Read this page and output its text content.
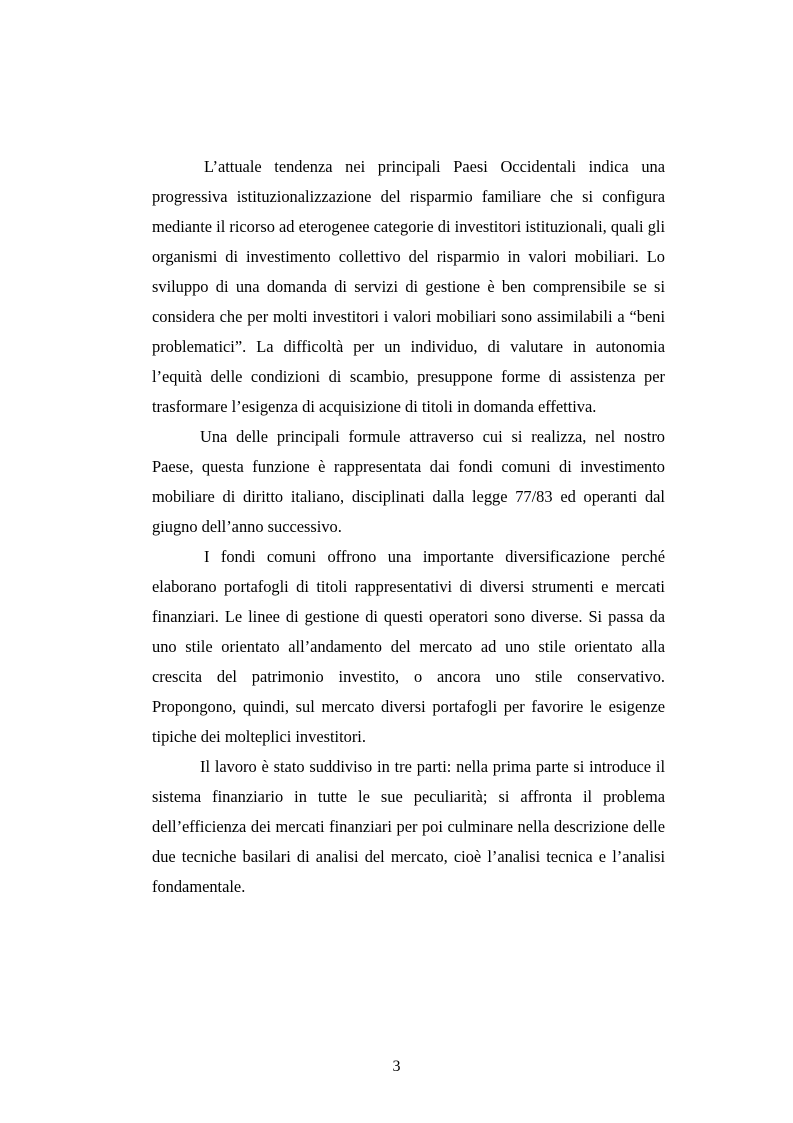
L’attuale tendenza nei principali Paesi Occidentali indica una progressiva istituzionalizzazione del risparmio familiare che si configura mediante il ricorso ad eterogenee categorie di investitori istituzionali, quali gli organismi di investimento collettivo del risparmio in valori mobiliari. Lo sviluppo di una domanda di servizi di gestione è ben comprensibile se si considera che per molti investitori i valori mobiliari sono assimilabili a “beni problematici”. La difficoltà per un individuo, di valutare in autonomia l’equità delle condizioni di scambio, presuppone forme di assistenza per trasformare l’esigenza di acquisizione di titoli in domanda effettiva.

Una delle principali formule attraverso cui si realizza, nel nostro Paese, questa funzione è rappresentata dai fondi comuni di investimento mobiliare di diritto italiano, disciplinati dalla legge 77/83 ed operanti dal giugno dell’anno successivo.

I fondi comuni offrono una importante diversificazione perché elaborano portafogli di titoli rappresentativi di diversi strumenti e mercati finanziari. Le linee di gestione di questi operatori sono diverse. Si passa da uno stile orientato all’andamento del mercato ad uno stile orientato alla crescita del patrimonio investito, o ancora uno stile conservativo. Propongono, quindi, sul mercato diversi portafogli per favorire le esigenze tipiche dei molteplici investitori.

Il lavoro è stato suddiviso in tre parti: nella prima parte si introduce il sistema finanziario in tutte le sue peculiarità; si affronta il problema dell’efficienza dei mercati finanziari per poi culminare nella descrizione delle due tecniche basilari di analisi del mercato, cioè l’analisi tecnica e l’analisi fondamentale.

3
